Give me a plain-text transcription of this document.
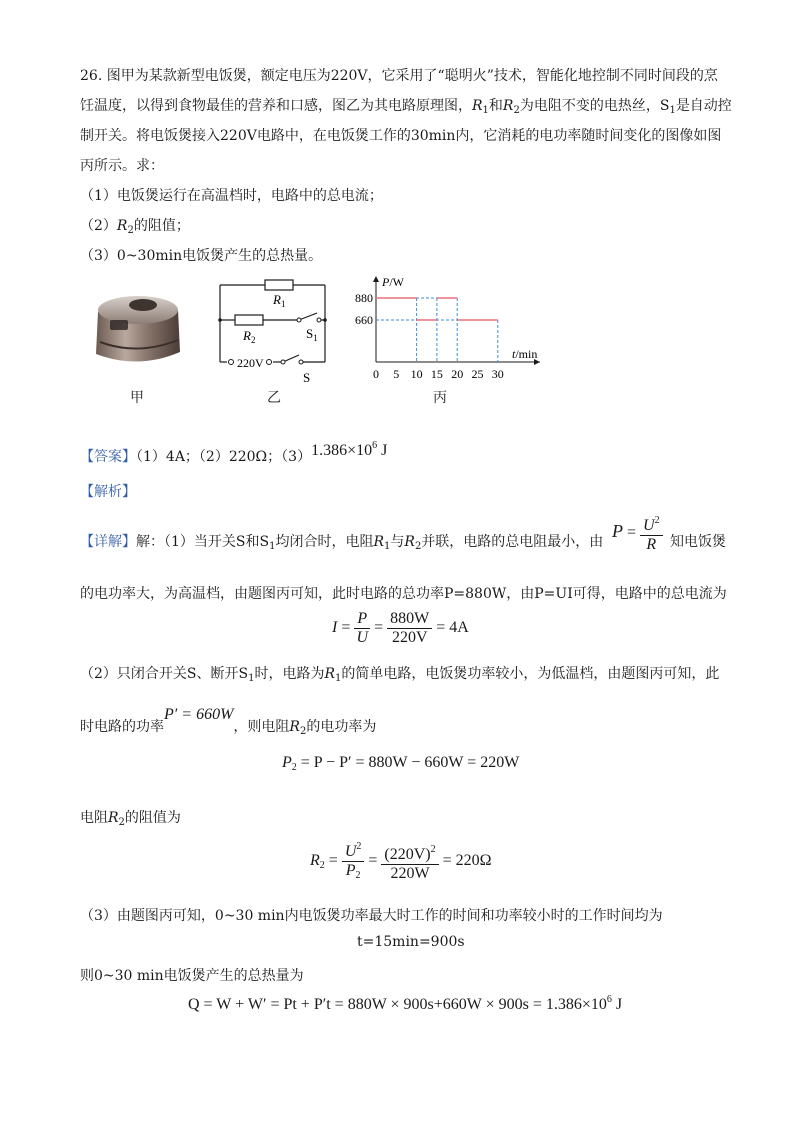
26. 图甲为某款新型电饭煲，额定电压为220V，它采用了“聪明火”技术，智能化地控制不同时间段的烹
饪温度，以得到食物最佳的营养和口感，图乙为其电路原理图，$R_1$和$R_2$为电阻不变的电热丝，$S_1$是自动控
制开关。将电饭煲接入220V电路中，在电饭煲工作的30min内，它消耗的电功率随时间变化的图像如图
丙所示。求：
（1）电饭煲运行在高温档时，电路中的总电流；
$(2)R_2$的阻值；
（3）0~30min电饭煲产生的总热量。
甲
$R_1$
$R_2$	$S_1$
220V
S
乙
P/W
t/min
660
880
0 5 10 15 20 25 30
丙
【答案】（1）4A；（2）220Ω；$(3)1.386\times 10^6$ J
【解析】
【详解】解：（1）当开关S和$S_1$均闭合时，电阻$R_1$与$R_2$并联，电路的总电阻最小，由
$P = \frac{U^2}{R}$ 知电饭煲
的电功率大，为高温档，由题图丙可知，此时电路的总功率P=880W，由P=UI可得，电路中的总电流为
$I = \frac{P}{U} = \frac{880W}{220V} = 4A$
（2）只闭合开关S、断开$S_1$时，电路为$R_1$的简单电路，电饭煲功率较小，为低温档，由题图丙可知，此
时电路的功率P′ = 660W，则电阻$R_2$的电功率为
$P_2 = P - P' = 880W - 660W = 220W$
电阻$R_2$的阻值为
$R_2 = \frac{U^2}{P_2} = \frac{(220V)^2}{220W} = 220\Omega$
（3）由题图丙可知，0~30 min内电饭煲功率最大时工作的时间和功率较小时的工作时间均为
t=15min=900s
则0~30 min电饭煲产生的总热量为
$Q = W + W' = Pt + P't = 880W \times 900s+660W \times 900s = 1.386\times 10^6$ J
